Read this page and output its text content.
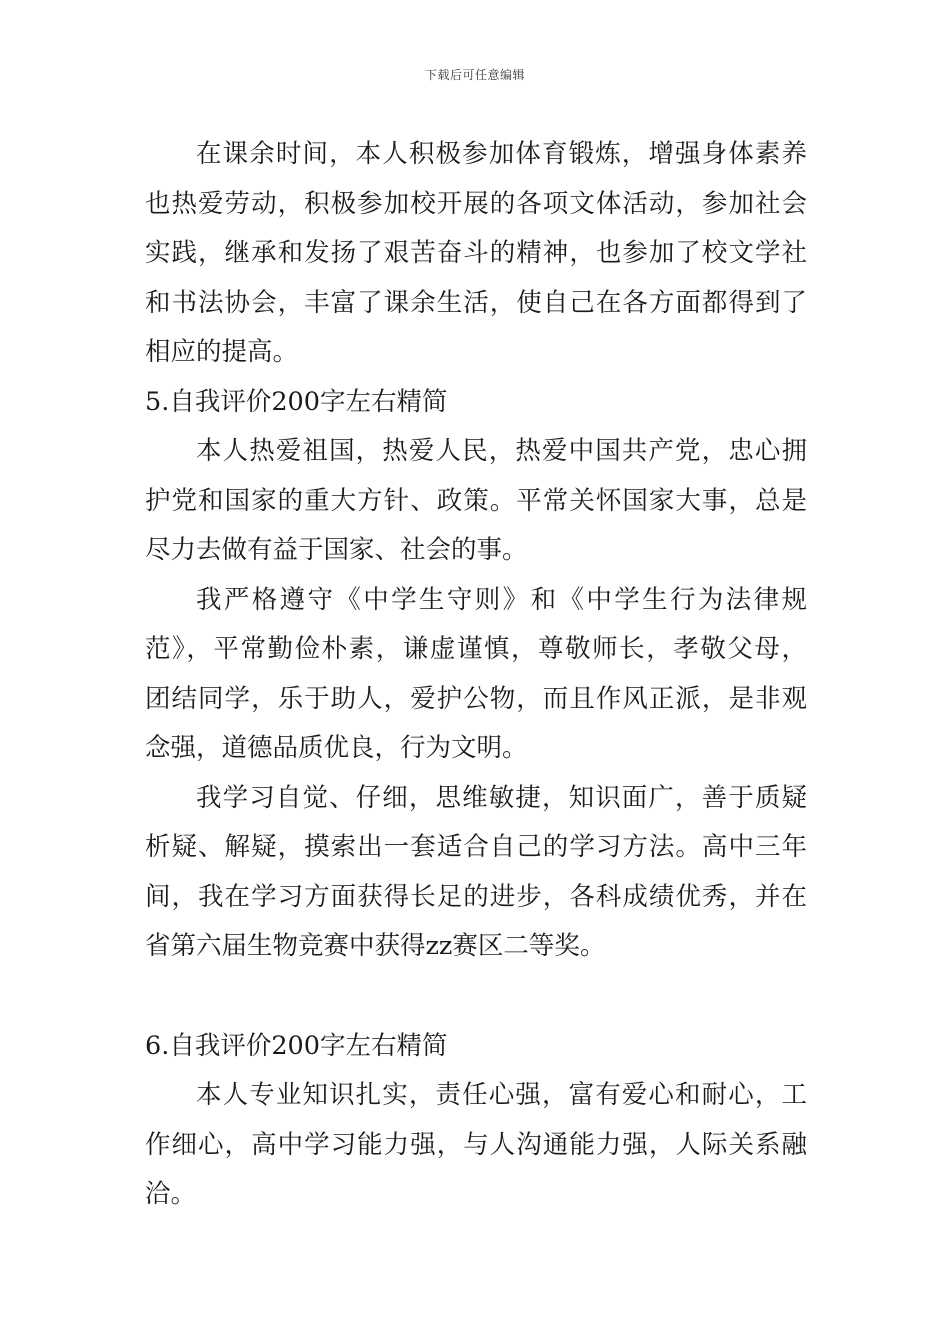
下载后可任意编辑
在课余时间，本人积极参加体育锻炼，增强身体素养
也热爱劳动，积极参加校开展的各项文体活动，参加社会
实践，继承和发扬了艰苦奋斗的精神，也参加了校文学社
和书法协会，丰富了课余生活，使自己在各方面都得到了
相应的提高。
5.自我评价200字左右精简
本人热爱祖国，热爱人民，热爱中国共产党，忠心拥
护党和国家的重大方针、政策。平常关怀国家大事，总是
尽力去做有益于国家、社会的事。
我严格遵守《中学生守则》和《中学生行为法律规
范》，平常勤俭朴素，谦虚谨慎，尊敬师长，孝敬父母，
团结同学，乐于助人，爱护公物，而且作风正派，是非观
念强，道德品质优良，行为文明。
我学习自觉、仔细，思维敏捷，知识面广，善于质疑
析疑、解疑，摸索出一套适合自己的学习方法。高中三年
间，我在学习方面获得长足的进步，各科成绩优秀，并在
省第六届生物竞赛中获得zz赛区二等奖。
6.自我评价200字左右精简
本人专业知识扎实，责任心强，富有爱心和耐心，工
作细心，高中学习能力强，与人沟通能力强，人际关系融
洽。
